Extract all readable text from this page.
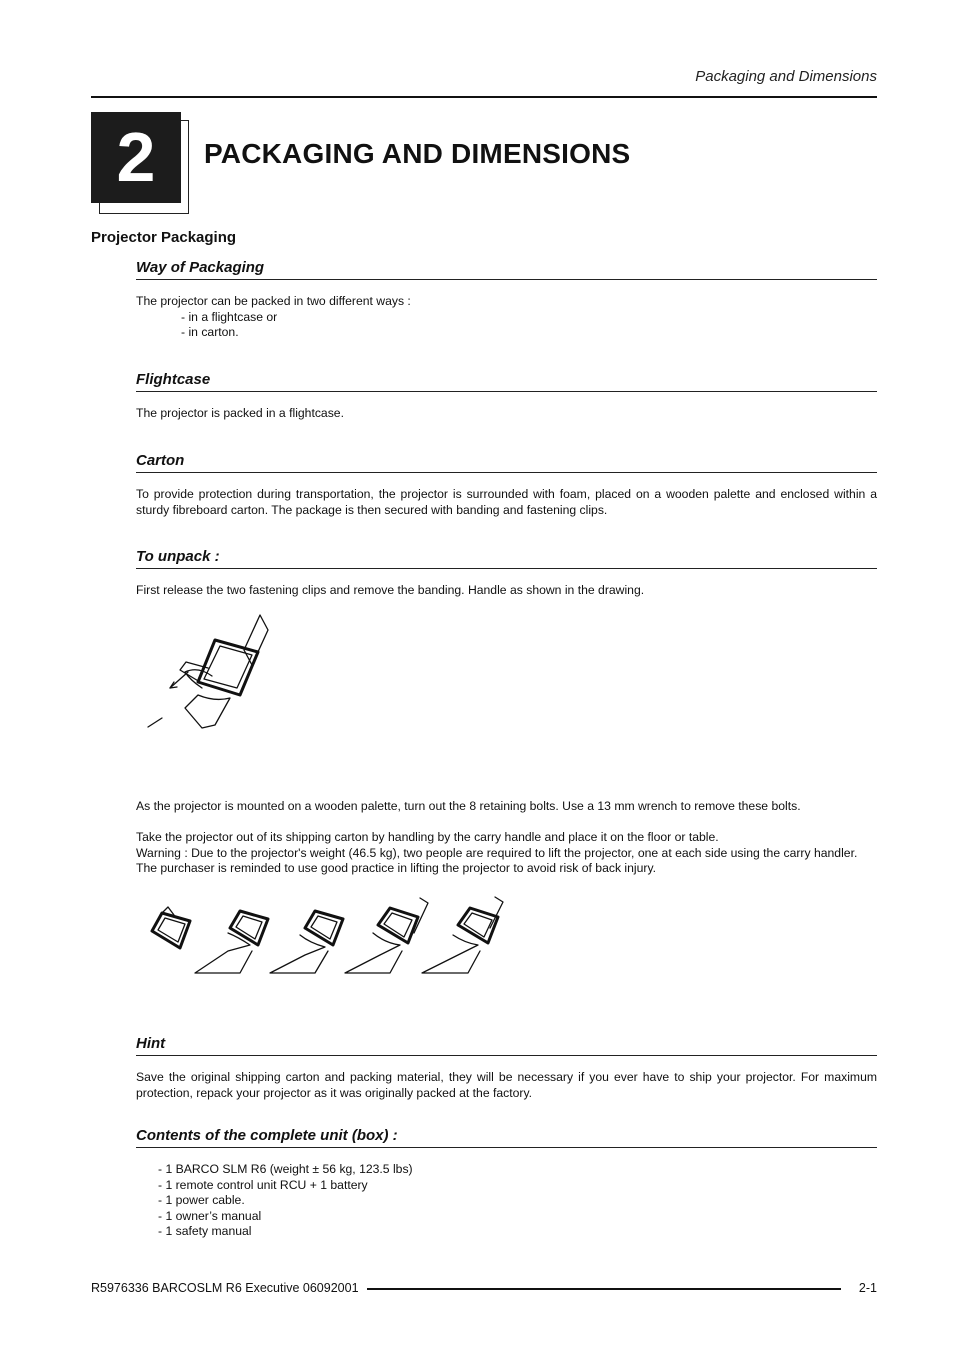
Packaging and Dimensions
2	PACKAGING AND DIMENSIONS
Projector Packaging
Way of Packaging

The projector can be packed in two different ways :

- in a flightcase or

- in carton.

Flightcase
The projector is packed in a flightcase.
Carton
To provide protection during transportation, the projector is surrounded with foam, placed on a wooden palette and enclosed within a sturdy fibreboard carton. The package is then secured with banding and fastening clips.
To unpack :
First release the two fastening clips and remove the banding. Handle as shown in the drawing.
As the projector is mounted on a wooden palette, turn out the 8 retaining bolts. Use a 13 mm wrench to remove these bolts.

Take the projector out of its shipping carton by handling by the carry handle and place it on the floor or table.

Warning : Due to the projector's weight (46.5 kg), two people are required to lift the projector, one at each side using the carry handler.

The purchaser is reminded to use good practice in lifting the projector to avoid risk of back injury.

Hint
Save the original shipping carton and packing material, they will be necessary if you ever have to ship your projector. For maximum protection, repack your projector as it was originally packed at the factory.
Contents of the complete unit (box) :

- 1 BARCO SLM R6 (weight ± 56 kg, 123.5 lbs)

- 1 remote control unit RCU + 1 battery

- 1 power cable.

- 1 owner’s manual

- 1 safety manual

R5976336 BARCOSLM R6 Executive 06092001	2-1
